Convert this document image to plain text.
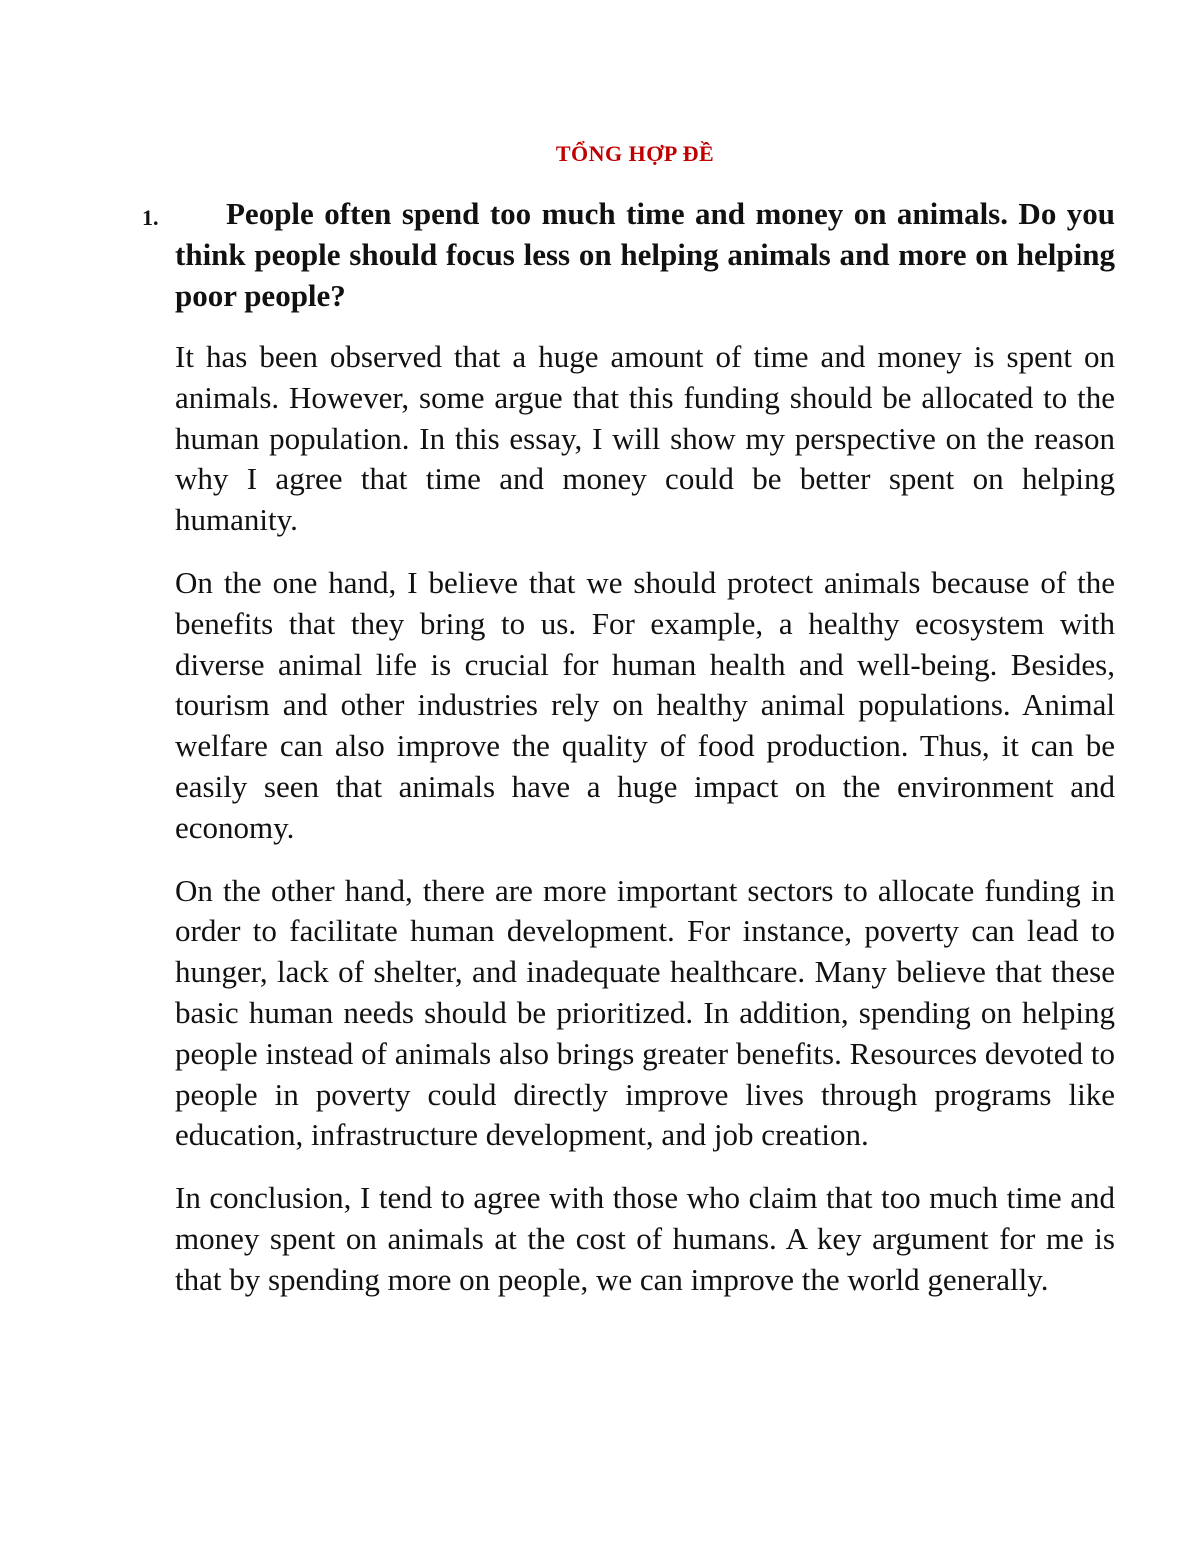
TỔNG HỢP ĐỀ
1.	People often spend too much time and money on animals. Do you think people should focus less on helping animals and more on helping poor people?

It has been observed that a huge amount of time and money is spent on animals. However, some argue that this funding should be allocated to the human population. In this essay, I will show my perspective on the reason why I agree that time and money could be better spent on helping humanity.

On the one hand, I believe that we should protect animals because of the benefits that they bring to us. For example, a healthy ecosystem with diverse animal life is crucial for human health and well-being. Besides, tourism and other industries rely on healthy animal populations. Animal welfare can also improve the quality of food production. Thus, it can be easily seen that animals have a huge impact on the environment and economy.

On the other hand, there are more important sectors to allocate funding in order to facilitate human development. For instance, poverty can lead to hunger, lack of shelter, and inadequate healthcare. Many believe that these basic human needs should be prioritized. In addition, spending on helping people instead of animals also brings greater benefits. Resources devoted to people in poverty could directly improve lives through programs like education, infrastructure development, and job creation.

In conclusion, I tend to agree with those who claim that too much time and money spent on animals at the cost of humans. A key argument for me is that by spending more on people, we can improve the world generally.
